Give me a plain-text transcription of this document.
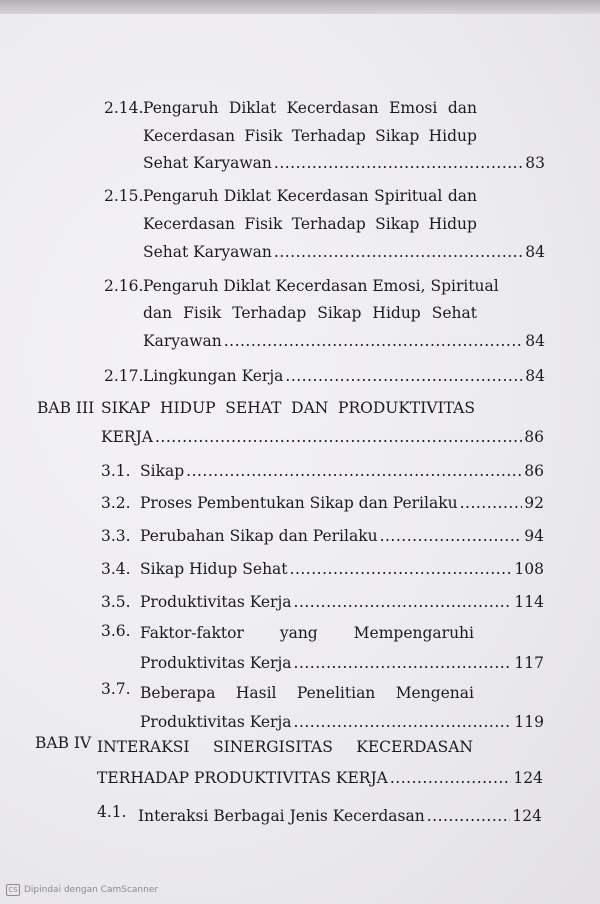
2.14. Pengaruh Diklat Kecerdasan Emosi dan
Kecerdasan Fisik Terhadap Sikap Hidup
Sehat Karyawan .....	83
2.15. Pengaruh Diklat Kecerdasan Spiritual dan
Kecerdasan Fisik Terhadap Sikap Hidup
Sehat Karyawan .....	84
2.16. Pengaruh Diklat Kecerdasan Emosi, Spiritual
dan Fisik Terhadap Sikap Hidup Sehat
Karyawan .....	84
2.17. Lingkungan Kerja .....	84
BAB III SIKAP HIDUP SEHAT DAN PRODUKTIVITAS
KERJA .....	86
3.1. Sikap .....	86
3.2. Proses Pembentukan Sikap dan Perilaku .....	92
3.3. Perubahan Sikap dan Perilaku .....	94
3.4. Sikap Hidup Sehat .....	108
3.5. Produktivitas Kerja .....	114
3.6. Faktor-faktor yang Mempengaruhi
Produktivitas Kerja .....	117
3.7. Beberapa Hasil Penelitian Mengenai
Produktivitas Kerja .....	119
BAB IV INTERAKSI SINERGISITAS KECERDASAN
TERHADAP PRODUKTIVITAS KERJA .....	124
4.1. Interaksi Berbagai Jenis Kecerdasan .....	124
CS Dipindai dengan CamScanner
